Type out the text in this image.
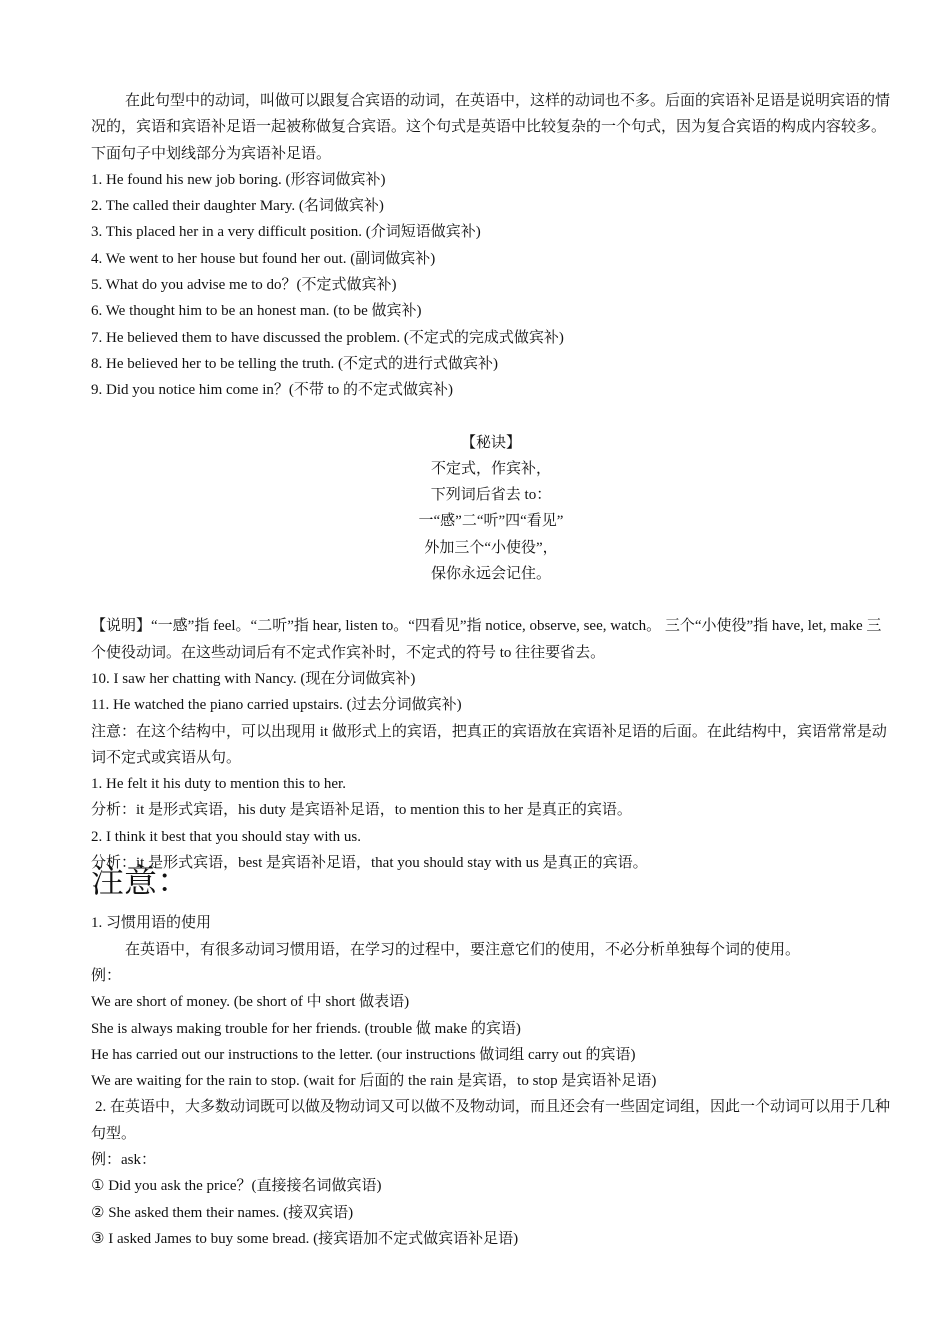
在此句型中的动词，叫做可以跟复合宾语的动词，在英语中，这样的动词也不多。后面的宾语补足语是说明宾语的情况的，宾语和宾语补足语一起被称做复合宾语。这个句式是英语中比较复杂的一个句式，因为复合宾语的构成内容较多。下面句子中划线部分为宾语补足语。
1. He found his new job boring. (形容词做宾补)
2. The called their daughter Mary. (名词做宾补)
3. This placed her in a very difficult position. (介词短语做宾补)
4. We went to her house but found her out. (副词做宾补)
5. What do you advise me to do？(不定式做宾补)
6. We thought him to be an honest man. (to be 做宾补)
7. He believed them to have discussed the problem. (不定式的完成式做宾补)
8. He believed her to be telling the truth. (不定式的进行式做宾补)
9. Did you notice him come in？(不带 to 的不定式做宾补)
【秘诀】
不定式，作宾补，
下列词后省去 to：
一“感”二“听”四“看见”
外加三个“小使役”，
保你永远会记住。
【说明】“一感”指 feel。“二听”指 hear, listen to。“四看见”指 notice, observe, see, watch。 三个“小使役”指 have, let, make 三个使役动词。在这些动词后有不定式作宾补时，不定式的符号 to 往往要省去。
10. I saw her chatting with Nancy. (现在分词做宾补)
11. He watched the piano carried upstairs. (过去分词做宾补)
注意：在这个结构中，可以出现用 it 做形式上的宾语，把真正的宾语放在宾语补足语的后面。在此结构中，宾语常常是动词不定式或宾语从句。
1. He felt it his duty to mention this to her.
分析：it 是形式宾语，his duty 是宾语补足语，to mention this to her 是真正的宾语。
2. I think it best that you should stay with us.
分析：it 是形式宾语，best 是宾语补足语，that you should stay with us 是真正的宾语。
注意：
1. 习惯用语的使用
在英语中，有很多动词习惯用语，在学习的过程中，要注意它们的使用，不必分析单独每个词的使用。
例：
We are short of money. (be short of 中 short 做表语)
She is always making trouble for her friends. (trouble 做 make 的宾语)
He has carried out our instructions to the letter. (our instructions 做词组 carry out 的宾语)
We are waiting for the rain to stop. (wait for 后面的 the rain 是宾语，to stop 是宾语补足语)
2. 在英语中，大多数动词既可以做及物动词又可以做不及物动词，而且还会有一些固定词组，因此一个动词可以用于几种句型。
例：ask：
① Did you ask the price？(直接接名词做宾语)
② She asked them their names. (接双宾语)
③ I asked James to buy some bread. (接宾语加不定式做宾语补足语)
